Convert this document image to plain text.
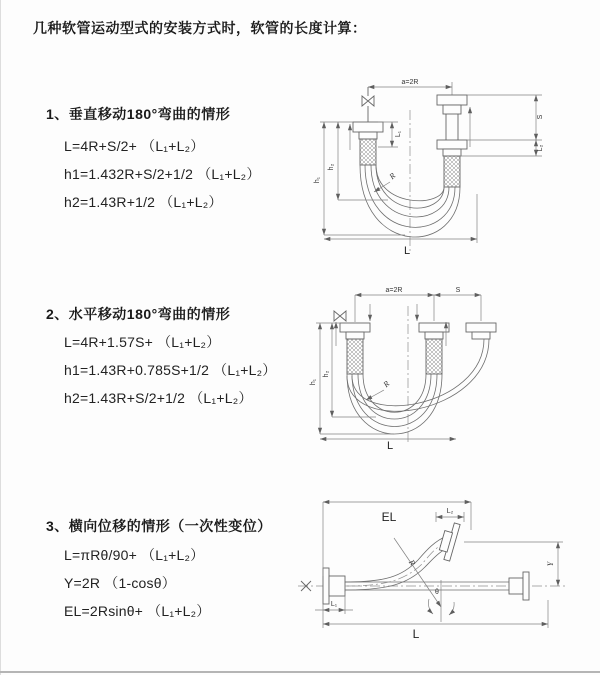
几种软管运动型式的安装方式时，软管的长度计算：
1、垂直移动180°弯曲的情形
L=4R+S/2+ （L₁+L₂）
h1=1.432R+S/2+1/2 （L₁+L₂）
h2=1.43R+1/2 （L₁+L₂）
2、水平移动180°弯曲的情形
L=4R+1.57S+ （L₁+L₂）
h1=1.43R+0.785S+1/2 （L₁+L₂）
h2=1.43R+S/2+1/2 （L₁+L₂）
3、横向位移的情形（一次性变位）
L=πRθ/90+ （L₁+L₂）
Y=2R （1-cosθ）
EL=2Rsinθ+ （L₁+L₂）
a=2R
L₁
S
L₂
h₁
h₂
R
L
a=2R	S
h₁
h₂
R
L
EL	L₂
Y
θ
R
L₁
L
